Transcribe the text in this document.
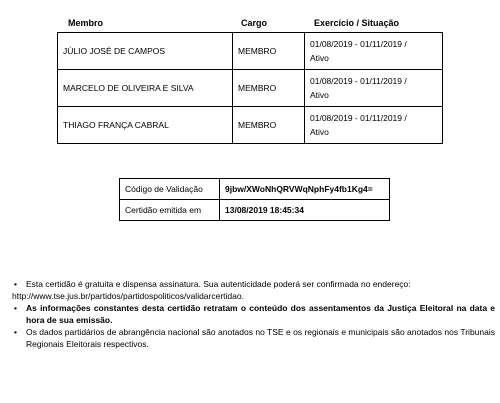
Membro	Cargo	Exercício / Situação
JÚLIO JOSÉ DE CAMPOS	MEMBRO	01/08/2019 - 01/11/2019 /
Ativo

MARCELO DE OLIVEIRA E SILVA	MEMBRO	01/08/2019 - 01/11/2019 /
Ativo

THIAGO FRANÇA CABRAL	MEMBRO	01/08/2019 - 01/11/2019 /
Ativo
Código de Validação	9jbw/XWoNhQRVWqNphFy4fb1Kg4=
Certidão emitida em	13/08/2019 18:45:34
• Esta certidão é gratuita e dispensa assinatura. Sua autenticidade poderá ser confirmada no endereço:
http://www.tse.jus.br/partidos/partidospoliticos/validarcertidao.
• As informações constantes desta certidão retratam o conteúdo dos assentamentos da Justiça Eleitoral na data e hora de sua emissão.
• Os dados partidários de abrangência nacional são anotados no TSE e os regionais e municipais são anotados nos Tribunais Regionais Eleitorais respectivos.
